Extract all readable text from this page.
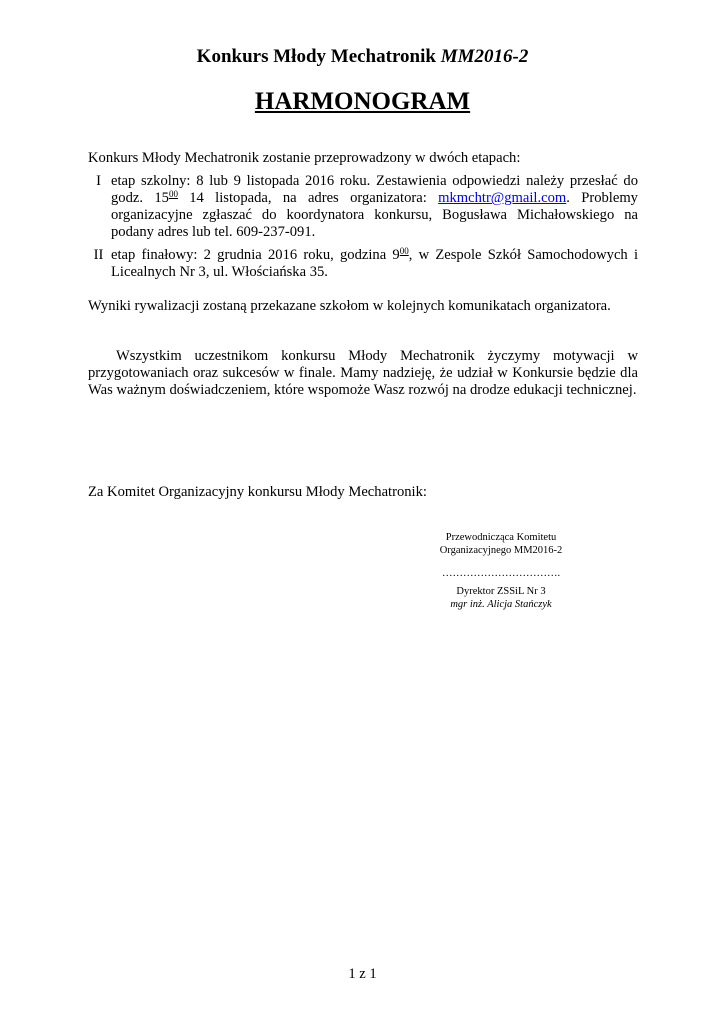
Konkurs Młody Mechatronik MM2016-2
HARMONOGRAM
Konkurs Młody Mechatronik zostanie przeprowadzony w dwóch etapach:
I etap szkolny: 8 lub 9 listopada 2016 roku. Zestawienia odpowiedzi należy przesłać do godz. $15^{00}$ 14 listopada, na adres organizatora: mkmchtr@gmail.com. Problemy organizacyjne zgłaszać do koordynatora konkursu, Bogusława Michałowskiego na podany adres lub tel. 609-237-091.
II etap finałowy: 2 grudnia 2016 roku, godzina $9^{00}$, w Zespole Szkół Samochodowych i Licealnych Nr 3, ul. Włościańska 35.
Wyniki rywalizacji zostaną przekazane szkołom w kolejnych komunikatach organizatora.
Wszystkim uczestnikom konkursu Młody Mechatronik życzymy motywacji w przygotowaniach oraz sukcesów w finale. Mamy nadzieję, że udział w Konkursie będzie dla Was ważnym doświadczeniem, które wspomoże Wasz rozwój na drodze edukacji technicznej.
Za Komitet Organizacyjny konkursu Młody Mechatronik:
Przewodnicząca Komitetu
Organizacyjnego MM2016-2
…………………………….
Dyrektor ZSSiL Nr 3
mgr inż. Alicja Stańczyk
1 z 1
